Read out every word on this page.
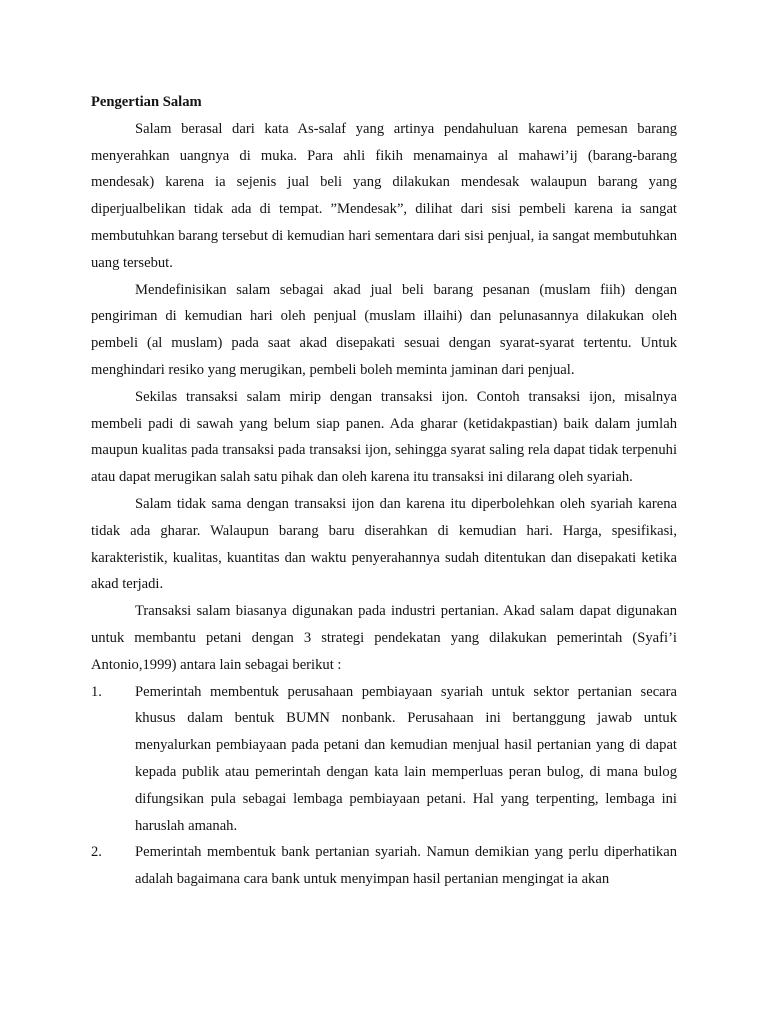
Pengertian Salam

Salam berasal dari kata As-salaf yang artinya pendahuluan karena pemesan barang menyerahkan uangnya di muka. Para ahli fikih menamainya al mahawi’ij (barang-barang mendesak) karena ia sejenis jual beli yang dilakukan mendesak walaupun barang yang diperjualbelikan tidak ada di tempat. ”Mendesak”, dilihat dari sisi pembeli karena ia sangat membutuhkan barang tersebut di kemudian hari sementara dari sisi penjual, ia sangat membutuhkan uang tersebut.

Mendefinisikan salam sebagai akad jual beli barang pesanan (muslam fiih) dengan pengiriman di kemudian hari oleh penjual (muslam illaihi) dan pelunasannya dilakukan oleh pembeli (al muslam) pada saat akad disepakati sesuai dengan syarat-syarat tertentu. Untuk menghindari resiko yang merugikan, pembeli boleh meminta jaminan dari penjual.

Sekilas transaksi salam mirip dengan transaksi ijon. Contoh transaksi ijon, misalnya membeli padi di sawah yang belum siap panen. Ada gharar (ketidakpastian) baik dalam jumlah maupun kualitas pada transaksi pada transaksi ijon, sehingga syarat saling rela dapat tidak terpenuhi atau dapat merugikan salah satu pihak dan oleh karena itu transaksi ini dilarang oleh syariah.

Salam tidak sama dengan transaksi ijon dan karena itu diperbolehkan oleh syariah karena tidak ada gharar. Walaupun barang baru diserahkan di kemudian hari. Harga, spesifikasi, karakteristik, kualitas, kuantitas dan waktu penyerahannya sudah ditentukan dan disepakati ketika akad terjadi.

Transaksi salam biasanya digunakan pada industri pertanian. Akad salam dapat digunakan untuk membantu petani dengan 3 strategi pendekatan yang dilakukan pemerintah (Syafi’i Antonio,1999) antara lain sebagai berikut :

1. Pemerintah membentuk perusahaan pembiayaan syariah untuk sektor pertanian secara khusus dalam bentuk BUMN nonbank. Perusahaan ini bertanggung jawab untuk menyalurkan pembiayaan pada petani dan kemudian menjual hasil pertanian yang di dapat kepada publik atau pemerintah dengan kata lain memperluas peran bulog, di mana bulog difungsikan pula sebagai lembaga pembiayaan petani. Hal yang terpenting, lembaga ini haruslah amanah.
2. Pemerintah membentuk bank pertanian syariah. Namun demikian yang perlu diperhatikan adalah bagaimana cara bank untuk menyimpan hasil pertanian mengingat ia akan
